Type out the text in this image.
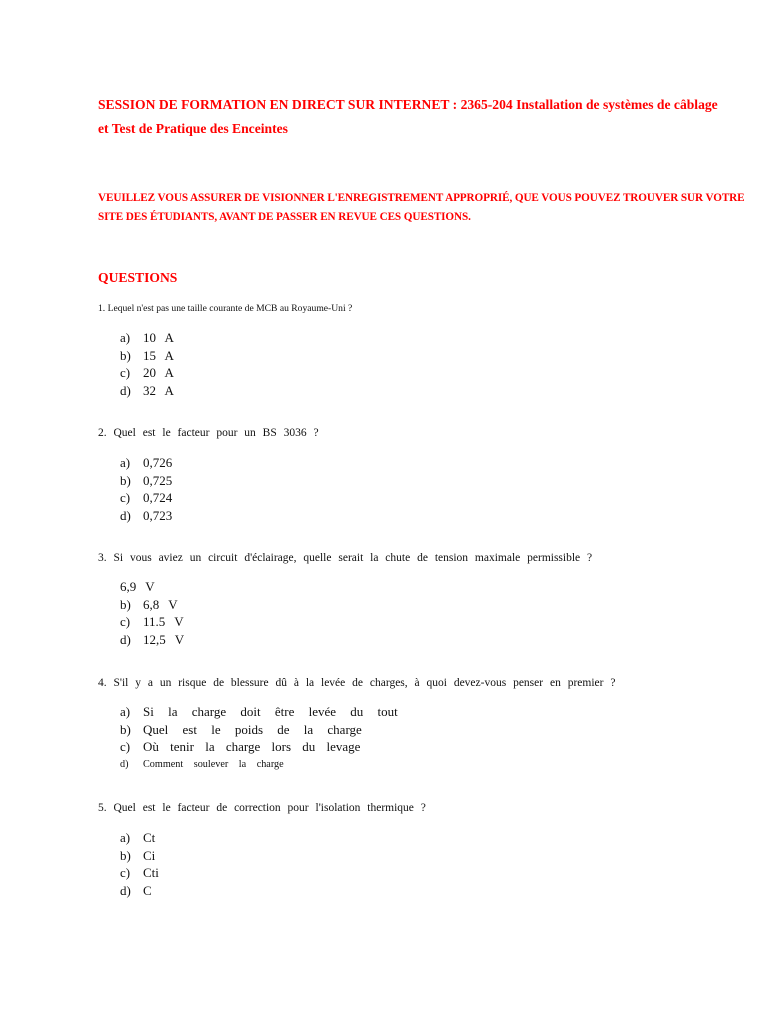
SESSION DE FORMATION EN DIRECT SUR INTERNET : 2365-204 Installation de systèmes de câblage
et Test de Pratique des Enceintes
VEUILLEZ VOUS ASSURER DE VISIONNER L'ENREGISTREMENT APPROPRIÉ, QUE VOUS POUVEZ TROUVER SUR VOTRE
SITE DES ÉTUDIANTS, AVANT DE PASSER EN REVUE CES QUESTIONS.
QUESTIONS
1. Lequel n'est pas une taille courante de MCB au Royaume-Uni ?
a) 10 A
b) 15 A
c) 20 A
d) 32 A
2. Quel est le facteur pour un BS 3036 ?
a) 0,726
b) 0,725
c) 0,724
d) 0,723
3. Si vous aviez un circuit d'éclairage, quelle serait la chute de tension maximale permissible ?
6,9 V
b) 6,8 V
c) 11.5 V
d) 12,5 V
4. S'il y a un risque de blessure dû à la levée de charges, à quoi devez-vous penser en premier ?
a) Si la charge doit être levée du tout
b) Quel est le poids de la charge
c) Où tenir la charge lors du levage
d) Comment soulever la charge
5. Quel est le facteur de correction pour l'isolation thermique ?
a) Ct
b) Ci
c) Cti
d) C
